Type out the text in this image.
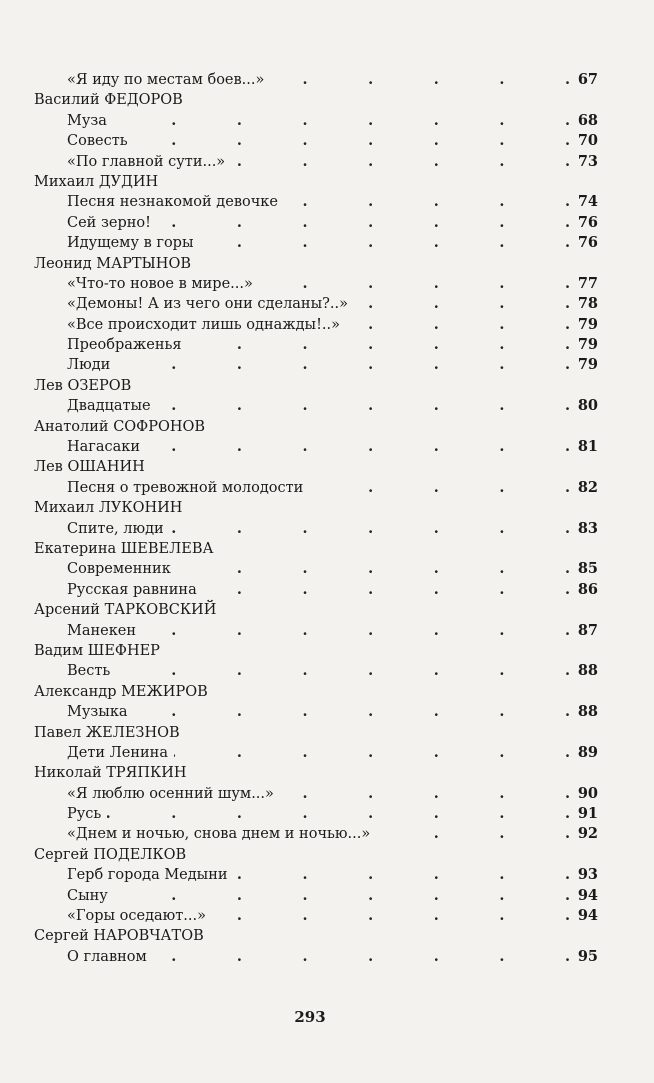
«Я иду по местам боев...» .	67
Василий ФЕДОРОВ
Муза .	68
Совесть .	70
«По главной сути...» .	73
Михаил ДУДИН
Песня незнакомой девочке .	74
Сей зерно! .	76
Идущему в горы .	76
Леонид МАРТЫНОВ
«Что-то новое в мире...» .	77
«Демоны! А из чего они сделаны?..» .	78
«Все происходит лишь однажды!..» .	79
Преображенья .	79
Люди .	79
Лев ОЗЕРОВ
Двадцатые .	80
Анатолий СОФРОНОВ
Нагасаки .	81
Лев ОШАНИН
Песня о тревожной молодости .	82
Михаил ЛУКОНИН
Спите, люди .	83
Екатерина ШЕВЕЛЕВА
Современник .	85
Русская равнина .	86
Арсений ТАРКОВСКИЙ
Манекен .	87
Вадим ШЕФНЕР
Весть .	88
Александр МЕЖИРОВ
Музыка .	88
Павел ЖЕЛЕЗНОВ
Дети Ленина .	89
Николай ТРЯПКИН
«Я люблю осенний шум...» .	90
Русь .	91
«Днем и ночью, снова днем и ночью...» .	92
Сергей ПОДЕЛКОВ
Герб города Медыни .	93
Сыну .	94
«Горы оседают...» .	94
Сергей НАРОВЧАТОВ
О главном .	95
293
